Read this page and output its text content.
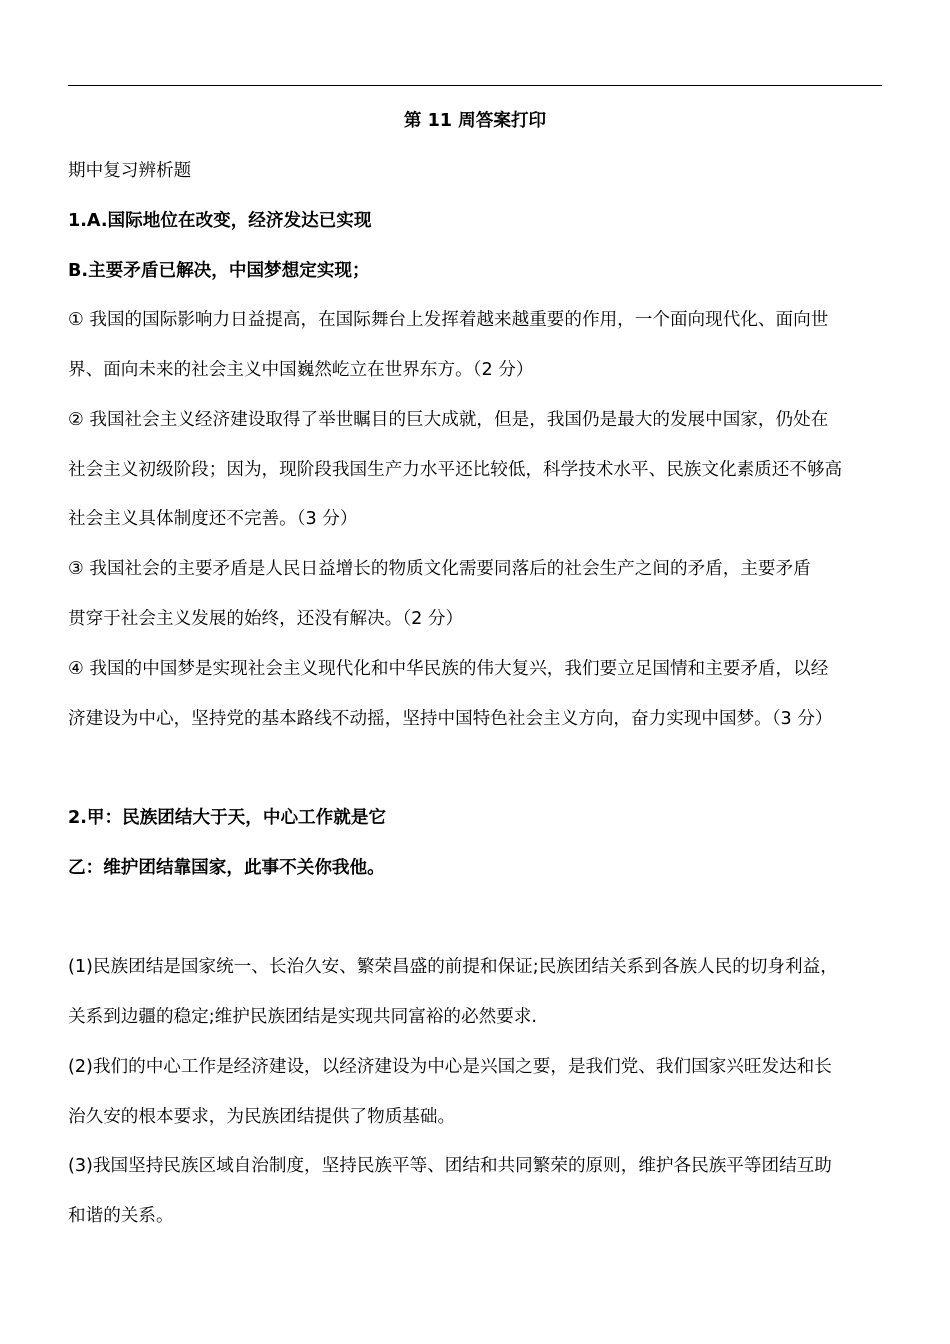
第 11 周答案打印
期中复习辨析题
1.A.国际地位在改变，经济发达已实现
B.主要矛盾已解决，中国梦想定实现；
① 我国的国际影响力日益提高，在国际舞台上发挥着越来越重要的作用，一个面向现代化、面向世
界、面向未来的社会主义中国巍然屹立在世界东方。（2 分）
② 我国社会主义经济建设取得了举世瞩目的巨大成就，但是，我国仍是最大的发展中国家，仍处在
社会主义初级阶段；因为，现阶段我国生产力水平还比较低，科学技术水平、民族文化素质还不够高
社会主义具体制度还不完善。（3 分）
③ 我国社会的主要矛盾是人民日益增长的物质文化需要同落后的社会生产之间的矛盾，主要矛盾
贯穿于社会主义发展的始终，还没有解决。（2 分）
④ 我国的中国梦是实现社会主义现代化和中华民族的伟大复兴，我们要立足国情和主要矛盾，以经
济建设为中心，坚持党的基本路线不动摇，坚持中国特色社会主义方向，奋力实现中国梦。（3 分）
2.甲：民族团结大于天，中心工作就是它
乙：维护团结靠国家，此事不关你我他。
(1)民族团结是国家统一、长治久安、繁荣昌盛的前提和保证;民族团结关系到各族人民的切身利益，
关系到边疆的稳定;维护民族团结是实现共同富裕的必然要求.
(2)我们的中心工作是经济建设，以经济建设为中心是兴国之要，是我们党、我们国家兴旺发达和长
治久安的根本要求，为民族团结提供了物质基础。
(3)我国坚持民族区域自治制度，坚持民族平等、团结和共同繁荣的原则，维护各民族平等团结互助
和谐的关系。
